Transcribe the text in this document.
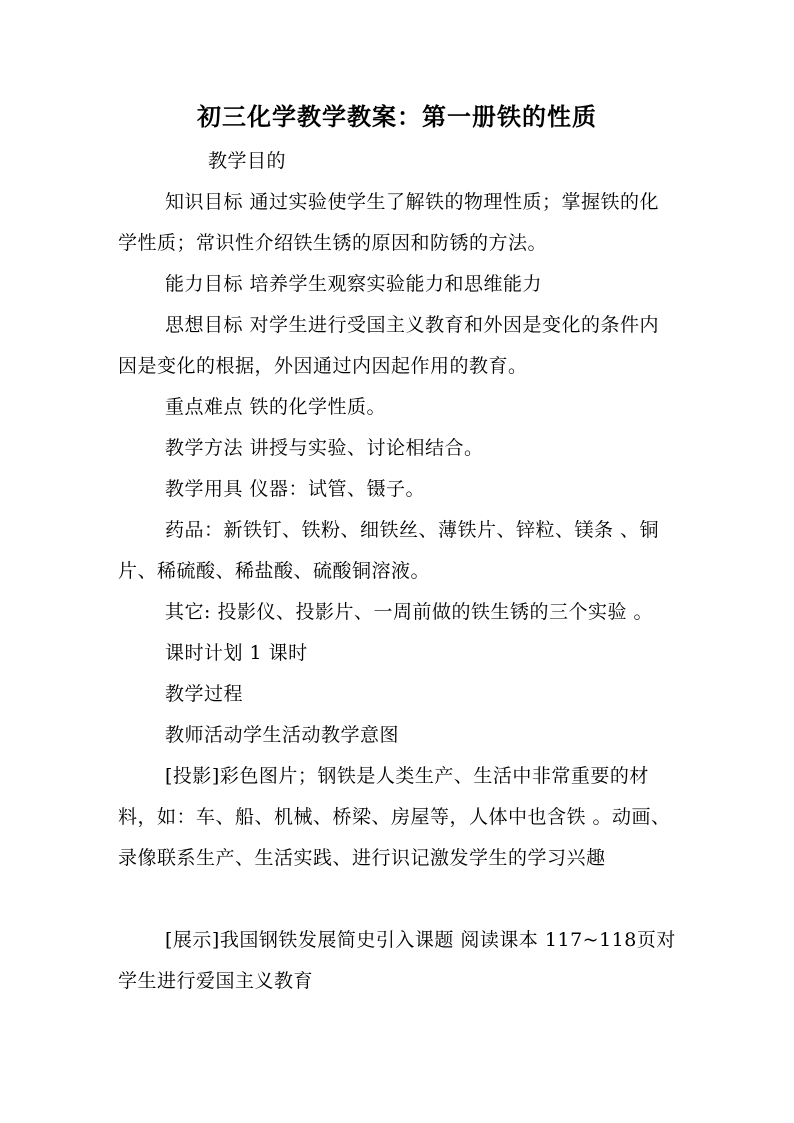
初三化学教学教案：第一册铁的性质

教学目的

知识目标 通过实验使学生了解铁的物理性质；掌握铁的化学性质；常识性介绍铁生锈的原因和防锈的方法。

能力目标 培养学生观察实验能力和思维能力

思想目标 对学生进行受国主义教育和外因是变化的条件内因是变化的根据，外因通过内因起作用的教育。

重点难点 铁的化学性质。

教学方法 讲授与实验、讨论相结合。

教学用具 仪器：试管、镊子。

药品：新铁钉、铁粉、细铁丝、薄铁片、锌粒、镁条 、铜片、稀硫酸、稀盐酸、硫酸铜溶液。

其它: 投影仪、投影片、一周前做的铁生锈的三个实验 。

课时计划 1 课时

教学过程

教师活动学生活动教学意图

[投影]彩色图片；钢铁是人类生产、生活中非常重要的材料，如：车、船、机械、桥梁、房屋等，人体中也含铁 。动画、录像联系生产、生活实践、进行识记激发学生的学习兴趣

[展示]我国钢铁发展简史引入课题 阅读课本 117~118页对学生进行爱国主义教育
